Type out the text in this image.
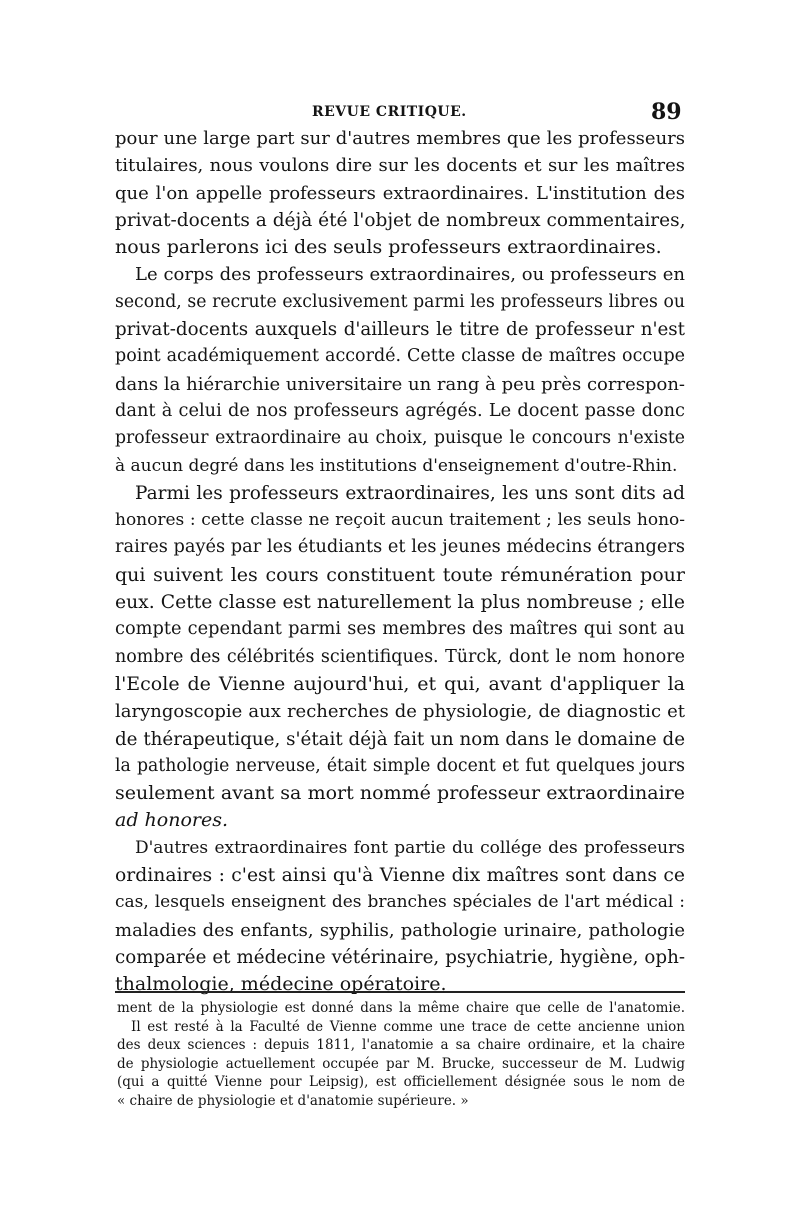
REVUE CRITIQUE.	89
pour une large part sur d'autres membres que les professeurs
titulaires, nous voulons dire sur les docents et sur les maîtres
que l'on appelle professeurs extraordinaires. L'institution des
privat-docents a déjà été l'objet de nombreux commentaires,
nous parlerons ici des seuls professeurs extraordinaires.
Le corps des professeurs extraordinaires, ou professeurs en
second, se recrute exclusivement parmi les professeurs libres ou
privat-docents auxquels d'ailleurs le titre de professeur n'est
point académiquement accordé. Cette classe de maîtres occupe
dans la hiérarchie universitaire un rang à peu près correspon-
dant à celui de nos professeurs agrégés. Le docent passe donc
professeur extraordinaire au choix, puisque le concours n'existe
à aucun degré dans les institutions d'enseignement d'outre-Rhin.
Parmi les professeurs extraordinaires, les uns sont dits ad
honores : cette classe ne reçoit aucun traitement ; les seuls hono-
raires payés par les étudiants et les jeunes médecins étrangers
qui suivent les cours constituent toute rémunération pour
eux. Cette classe est naturellement la plus nombreuse ; elle
compte cependant parmi ses membres des maîtres qui sont au
nombre des célébrités scientifiques. Türck, dont le nom honore
l'Ecole de Vienne aujourd'hui, et qui, avant d'appliquer la
laryngoscopie aux recherches de physiologie, de diagnostic et
de thérapeutique, s'était déjà fait un nom dans le domaine de
la pathologie nerveuse, était simple docent et fut quelques jours
seulement avant sa mort nommé professeur extraordinaire
ad honores.
D'autres extraordinaires font partie du collége des professeurs
ordinaires : c'est ainsi qu'à Vienne dix maîtres sont dans ce
cas, lesquels enseignent des branches spéciales de l'art médical :
maladies des enfants, syphilis, pathologie urinaire, pathologie
comparée et médecine vétérinaire, psychiatrie, hygiène, oph-
thalmologie, médecine opératoire.
ment de la physiologie est donné dans la même chaire que celle de l'anatomie.
Il est resté à la Faculté de Vienne comme une trace de cette ancienne union
des deux sciences : depuis 1811, l'anatomie a sa chaire ordinaire, et la chaire
de physiologie actuellement occupée par M. Brucke, successeur de M. Ludwig
(qui a quitté Vienne pour Leipsig), est officiellement désignée sous le nom de
« chaire de physiologie et d'anatomie supérieure. »
